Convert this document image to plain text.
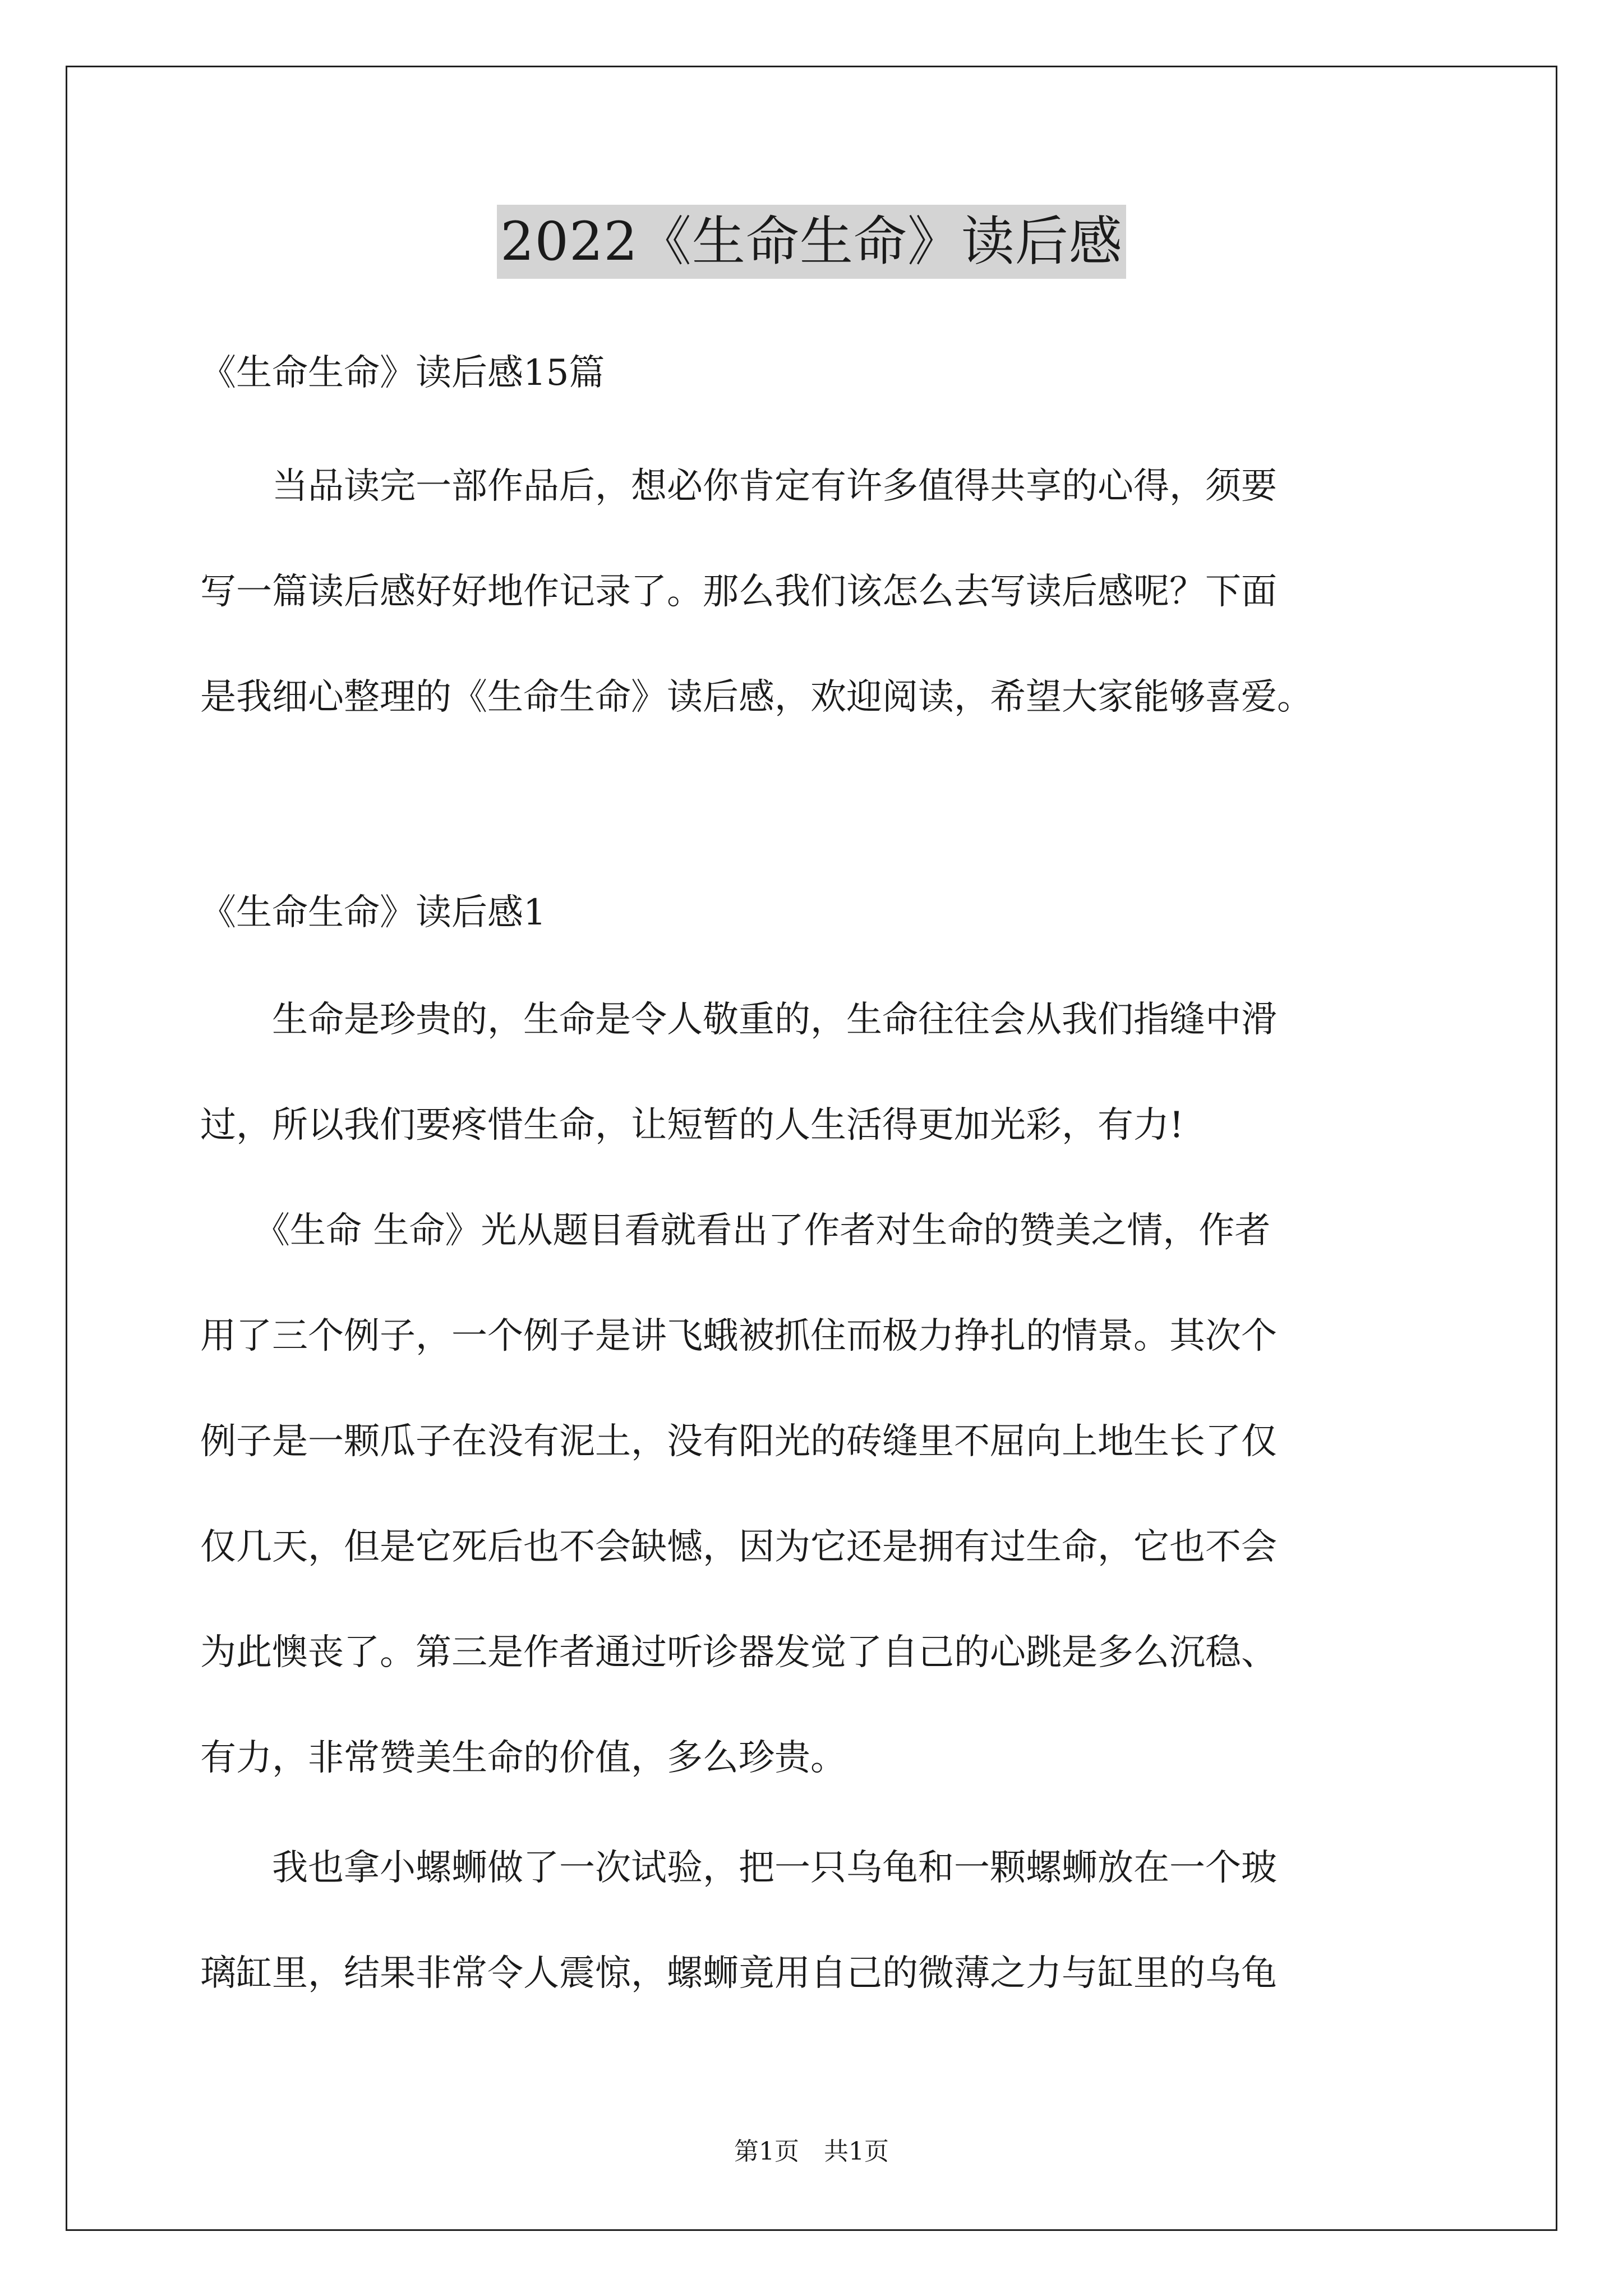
2022《生命生命》读后感
《生命生命》读后感15篇
　　当品读完一部作品后，想必你肯定有许多值得共享的心得，须要
写一篇读后感好好地作记录了。那么我们该怎么去写读后感呢？下面
是我细心整理的《生命生命》读后感，欢迎阅读，希望大家能够喜爱。
《生命生命》读后感1
　　生命是珍贵的，生命是令人敬重的，生命往往会从我们指缝中滑
过，所以我们要疼惜生命，让短暂的人生活得更加光彩，有力!
　　《生命 生命》光从题目看就看出了作者对生命的赞美之情，作者
用了三个例子，一个例子是讲飞蛾被抓住而极力挣扎的情景。其次个
例子是一颗瓜子在没有泥土，没有阳光的砖缝里不屈向上地生长了仅
仅几天，但是它死后也不会缺憾，因为它还是拥有过生命，它也不会
为此懊丧了。第三是作者通过听诊器发觉了自己的心跳是多么沉稳、
有力，非常赞美生命的价值，多么珍贵。
　　我也拿小螺蛳做了一次试验，把一只乌龟和一颗螺蛳放在一个玻
璃缸里，结果非常令人震惊，螺蛳竟用自己的微薄之力与缸里的乌龟
第1页　共1页
